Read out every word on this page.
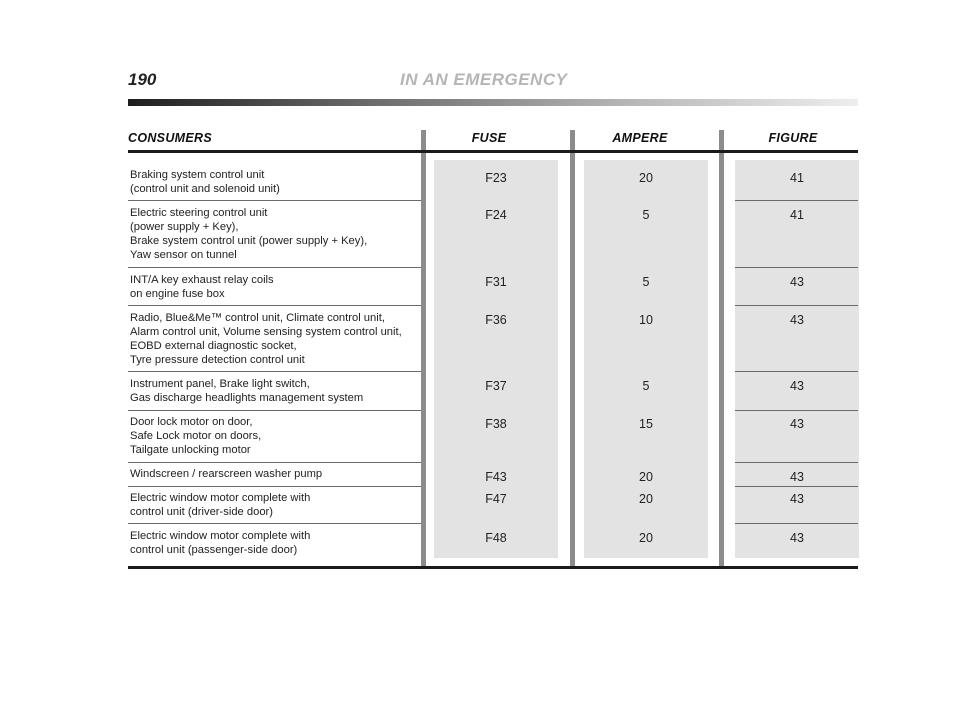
190	IN AN EMERGENCY
CONSUMERS	FUSE	AMPERE	FIGURE
Braking system control unit
(control unit and solenoid unit)
F23	20	41
Electric steering control unit
(power supply + Key),
Brake system control unit (power supply + Key),
Yaw sensor on tunnel
F24	5	41
INT/A key exhaust relay coils
on engine fuse box
F31	5	43
Radio, Blue&Me™ control unit, Climate control unit,
Alarm control unit, Volume sensing system control unit,
EOBD external diagnostic socket,
Tyre pressure detection control unit
F36	10	43
Instrument panel, Brake light switch,
Gas discharge headlights management system
F37	5	43
Door lock motor on door,
Safe Lock motor on doors,
Tailgate unlocking motor
F38	15	43
Windscreen / rearscreen washer pump	F43	20	43
Electric window motor complete with
control unit (driver-side door)
F47	20	43
Electric window motor complete with
control unit (passenger-side door)
F48	20	43
